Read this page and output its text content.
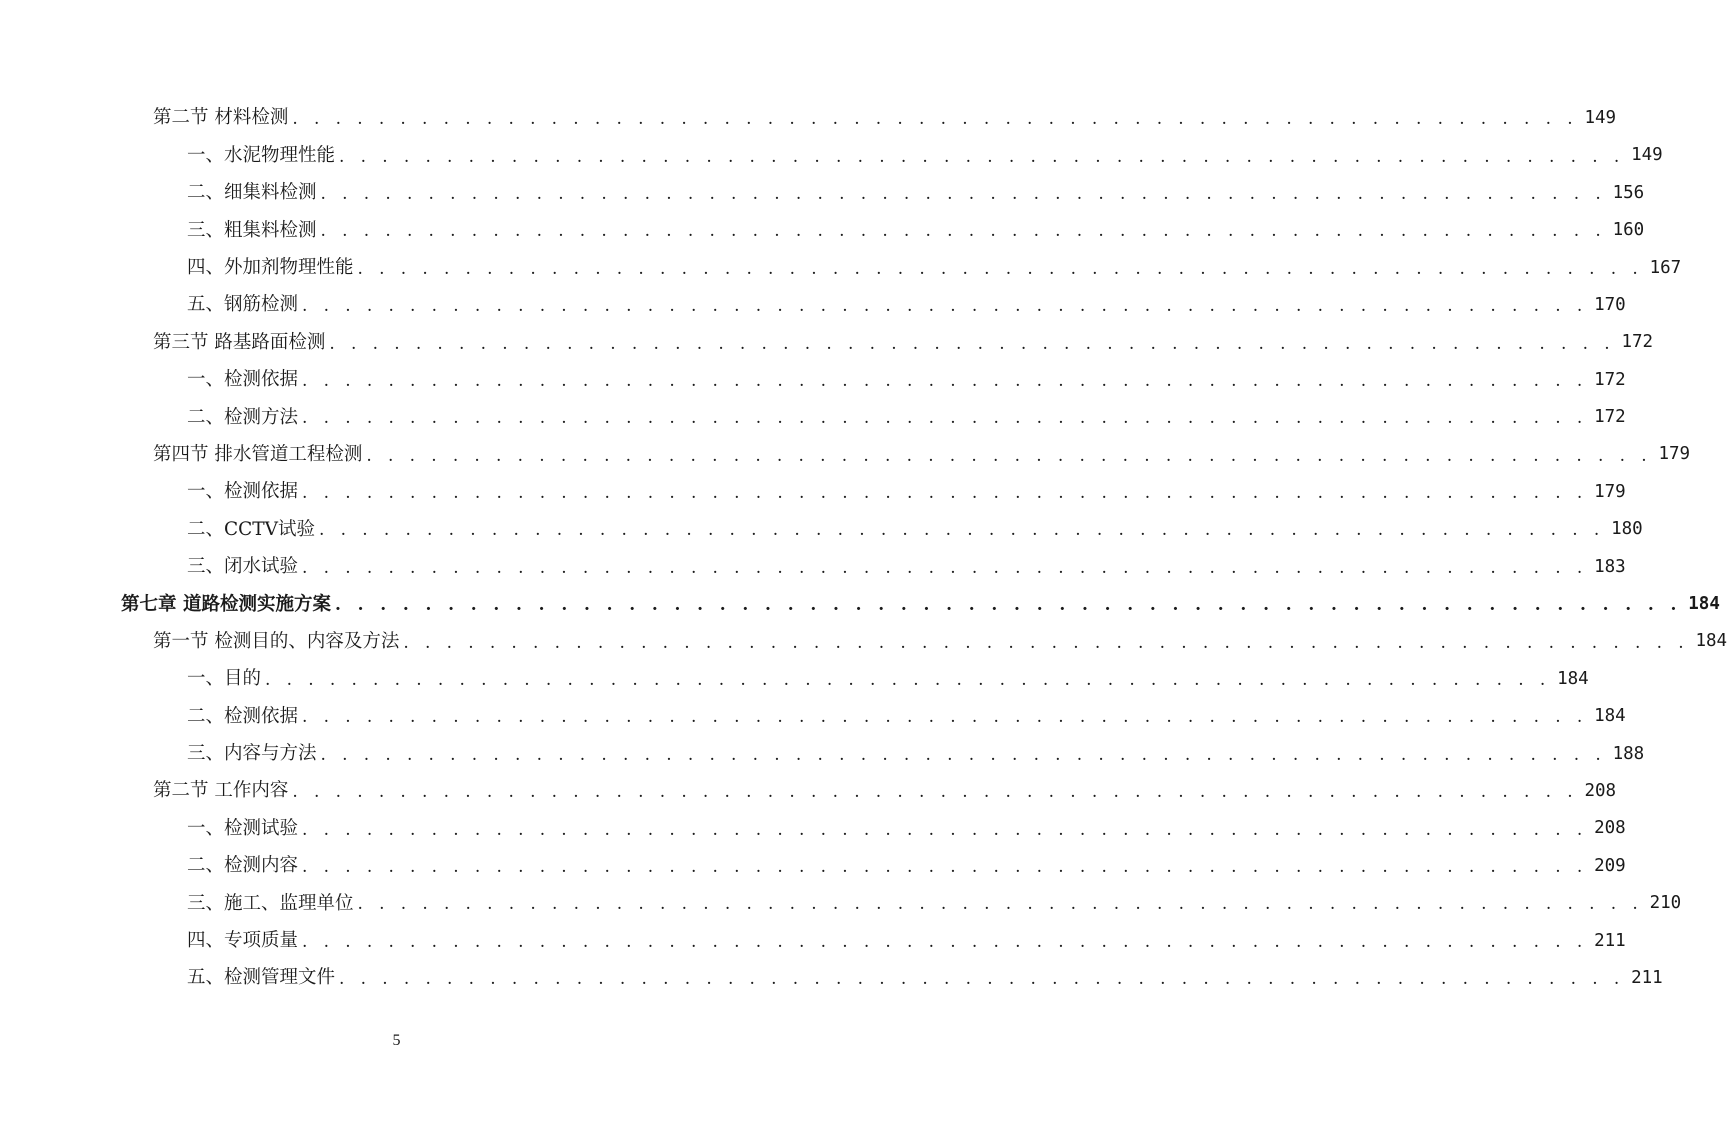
第二节 材料检测 . . . . . . . . . . . . . . . . . . . . . . . . . . . . . . . . . . . . . . . . . . . . . . . . . . . . . . . . . . . . 149
一、水泥物理性能 . . . . . . . . . . . . . . . . . . . . . . . . . . . . . . . . . . . . . . . . . . . . . . . . . . . . . . . . . . . . 149
二、细集料检测 . . . . . . . . . . . . . . . . . . . . . . . . . . . . . . . . . . . . . . . . . . . . . . . . . . . . . . . . . . . . 156
三、粗集料检测 . . . . . . . . . . . . . . . . . . . . . . . . . . . . . . . . . . . . . . . . . . . . . . . . . . . . . . . . . . . . 160
四、外加剂物理性能 . . . . . . . . . . . . . . . . . . . . . . . . . . . . . . . . . . . . . . . . . . . . . . . . . . . . . . . . . . . . 167
五、钢筋检测 . . . . . . . . . . . . . . . . . . . . . . . . . . . . . . . . . . . . . . . . . . . . . . . . . . . . . . . . . . . . 170
第三节 路基路面检测 . . . . . . . . . . . . . . . . . . . . . . . . . . . . . . . . . . . . . . . . . . . . . . . . . . . . . . . . . . . . 172
一、检测依据 . . . . . . . . . . . . . . . . . . . . . . . . . . . . . . . . . . . . . . . . . . . . . . . . . . . . . . . . . . . . 172
二、检测方法 . . . . . . . . . . . . . . . . . . . . . . . . . . . . . . . . . . . . . . . . . . . . . . . . . . . . . . . . . . . . 172
第四节 排水管道工程检测 . . . . . . . . . . . . . . . . . . . . . . . . . . . . . . . . . . . . . . . . . . . . . . . . . . . . . . . . . . . . 179
一、检测依据 . . . . . . . . . . . . . . . . . . . . . . . . . . . . . . . . . . . . . . . . . . . . . . . . . . . . . . . . . . . . 179
二、CCTV试验 . . . . . . . . . . . . . . . . . . . . . . . . . . . . . . . . . . . . . . . . . . . . . . . . . . . . . . . . . . . . 180
三、闭水试验 . . . . . . . . . . . . . . . . . . . . . . . . . . . . . . . . . . . . . . . . . . . . . . . . . . . . . . . . . . . . 183
第七章 道路检测实施方案 . . . . . . . . . . . . . . . . . . . . . . . . . . . . . . . . . . . . . . . . . . . . . . . . . . . . . . . . . . . . 184
第一节 检测目的、内容及方法 . . . . . . . . . . . . . . . . . . . . . . . . . . . . . . . . . . . . . . . . . . . . . . . . . . . . . . . . . . . . 184
一、目的 . . . . . . . . . . . . . . . . . . . . . . . . . . . . . . . . . . . . . . . . . . . . . . . . . . . . . . . . . . . . 184
二、检测依据 . . . . . . . . . . . . . . . . . . . . . . . . . . . . . . . . . . . . . . . . . . . . . . . . . . . . . . . . . . . . 184
三、内容与方法 . . . . . . . . . . . . . . . . . . . . . . . . . . . . . . . . . . . . . . . . . . . . . . . . . . . . . . . . . . . . 188
第二节 工作内容 . . . . . . . . . . . . . . . . . . . . . . . . . . . . . . . . . . . . . . . . . . . . . . . . . . . . . . . . . . . . 208
一、检测试验 . . . . . . . . . . . . . . . . . . . . . . . . . . . . . . . . . . . . . . . . . . . . . . . . . . . . . . . . . . . . 208
二、检测内容 . . . . . . . . . . . . . . . . . . . . . . . . . . . . . . . . . . . . . . . . . . . . . . . . . . . . . . . . . . . . 209
三、施工、监理单位 . . . . . . . . . . . . . . . . . . . . . . . . . . . . . . . . . . . . . . . . . . . . . . . . . . . . . . . . . . . . 210
四、专项质量 . . . . . . . . . . . . . . . . . . . . . . . . . . . . . . . . . . . . . . . . . . . . . . . . . . . . . . . . . . . . 211
五、检测管理文件 . . . . . . . . . . . . . . . . . . . . . . . . . . . . . . . . . . . . . . . . . . . . . . . . . . . . . . . . . . . . 211
5
